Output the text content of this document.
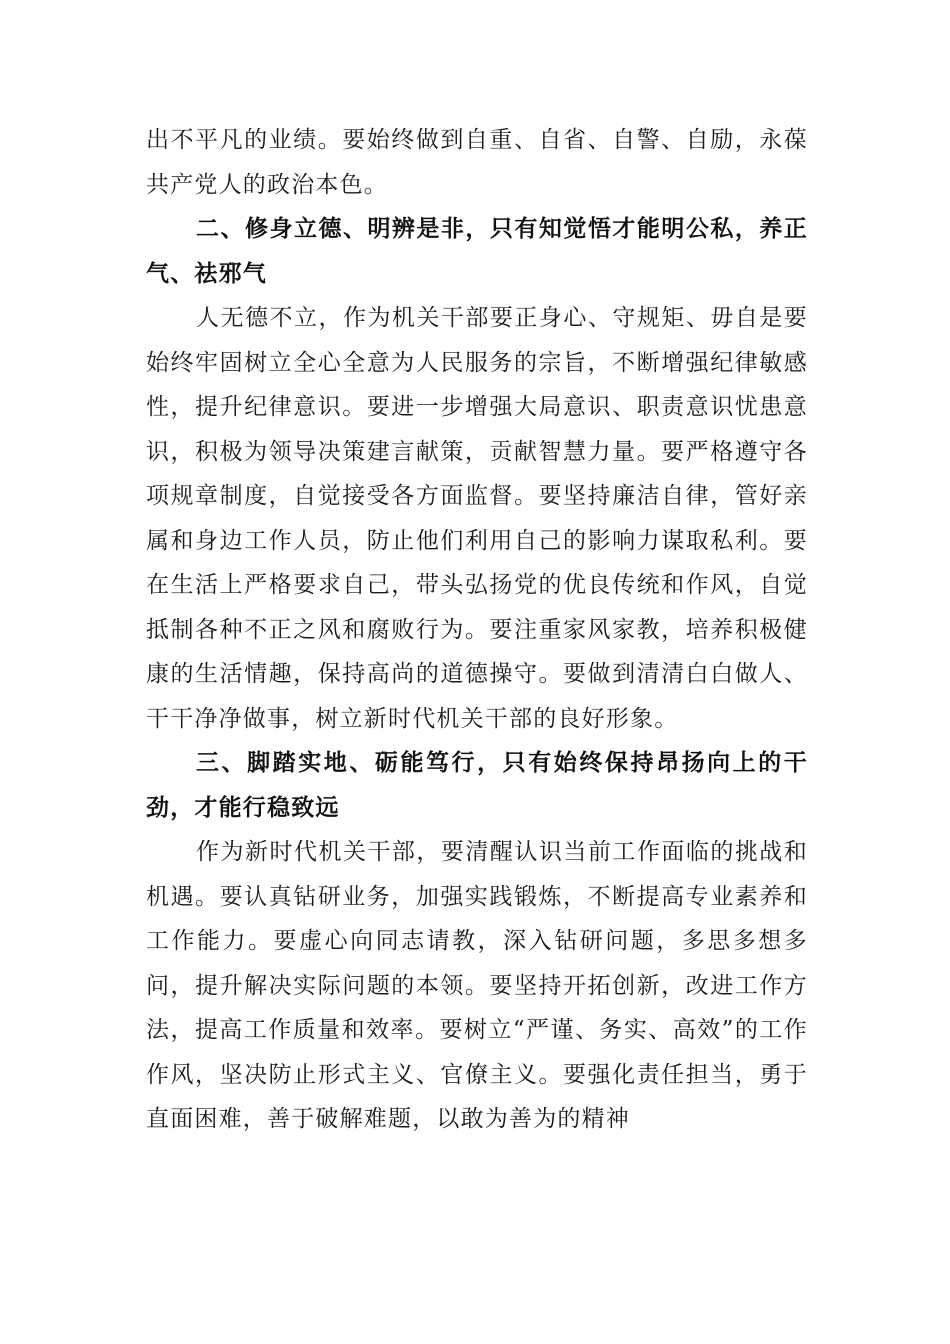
出不平凡的业绩。要始终做到自重、自省、自警、自励，永葆共产党人的政治本色。

二、修身立德、明辨是非，只有知觉悟才能明公私，养正气、祛邪气

人无德不立，作为机关干部要正身心、守规矩、毋自是要始终牢固树立全心全意为人民服务的宗旨，不断增强纪律敏感性，提升纪律意识。要进一步增强大局意识、职责意识忧患意识，积极为领导决策建言献策，贡献智慧力量。要严格遵守各项规章制度，自觉接受各方面监督。要坚持廉洁自律，管好亲属和身边工作人员，防止他们利用自己的影响力谋取私利。要在生活上严格要求自己，带头弘扬党的优良传统和作风，自觉抵制各种不正之风和腐败行为。要注重家风家教，培养积极健康的生活情趣，保持高尚的道德操守。要做到清清白白做人、干干净净做事，树立新时代机关干部的良好形象。

三、脚踏实地、砺能笃行，只有始终保持昂扬向上的干劲，才能行稳致远

作为新时代机关干部，要清醒认识当前工作面临的挑战和机遇。要认真钻研业务，加强实践锻炼，不断提高专业素养和工作能力。要虚心向同志请教，深入钻研问题，多思多想多问，提升解决实际问题的本领。要坚持开拓创新，改进工作方法，提高工作质量和效率。要树立“严谨、务实、高效”的工作作风，坚决防止形式主义、官僚主义。要强化责任担当，勇于直面困难，善于破解难题，以敢为善为的精神
